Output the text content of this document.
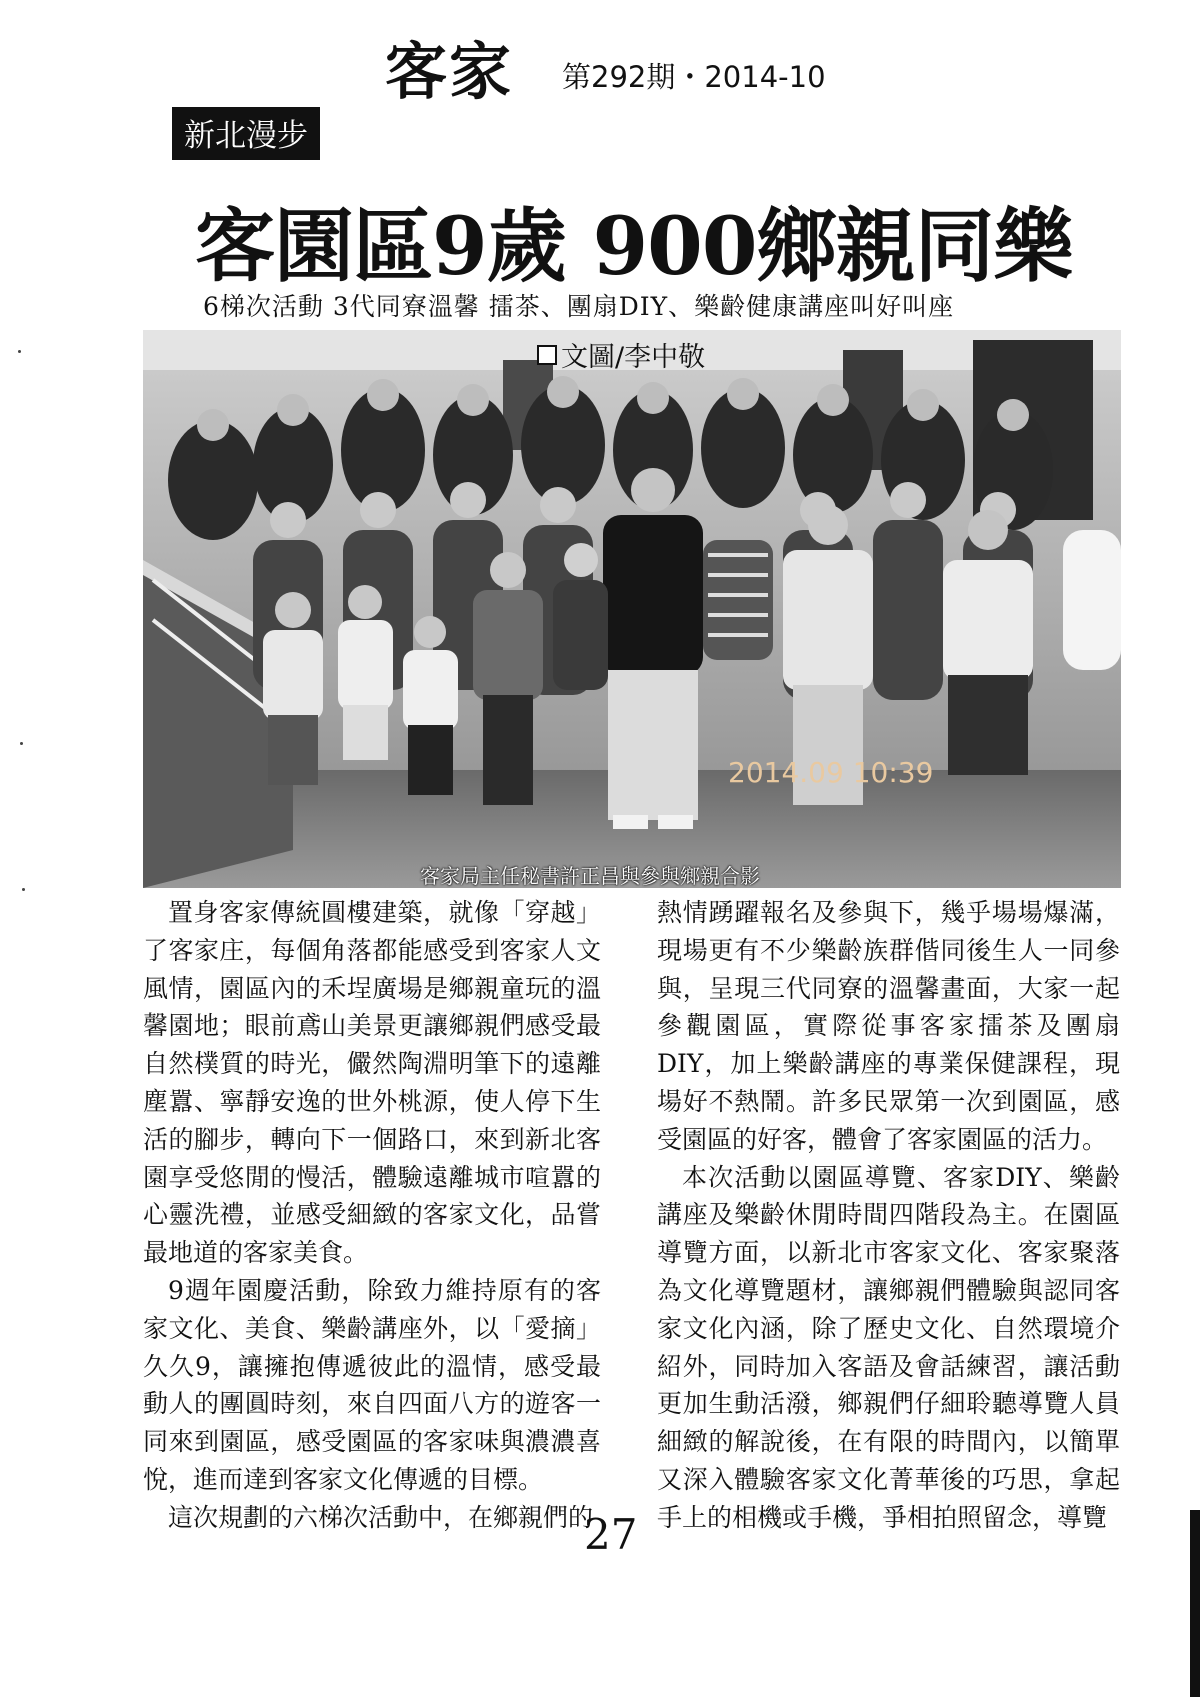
客家 第292期・2014-10
新北漫步
客園區9歲 900鄉親同樂
6梯次活動 3代同寮溫馨 擂茶、團扇DIY、樂齡健康講座叫好叫座
2014.09 10:39
文圖/李中敬
客家局主任秘書許正昌與參與鄉親合影

置身客家傳統圓樓建築，就像「穿越」了客家庄，每個角落都能感受到客家人文風情，園區內的禾埕廣場是鄉親童玩的溫馨園地；眼前鳶山美景更讓鄉親們感受最自然樸質的時光，儼然陶淵明筆下的遠離塵囂、寧靜安逸的世外桃源，使人停下生活的腳步，轉向下一個路口，來到新北客園享受悠閒的慢活，體驗遠離城市喧囂的心靈洗禮，並感受細緻的客家文化，品嘗最地道的客家美食。

9週年園慶活動，除致力維持原有的客家文化、美食、樂齡講座外，以「愛摘」久久9，讓擁抱傳遞彼此的溫情，感受最動人的團圓時刻，來自四面八方的遊客一同來到園區，感受園區的客家味與濃濃喜悅，進而達到客家文化傳遞的目標。

這次規劃的六梯次活動中，在鄉親們的

熱情踴躍報名及參與下，幾乎場場爆滿，現場更有不少樂齡族群偕同後生人一同參與，呈現三代同寮的溫馨畫面，大家一起參觀園區，實際從事客家擂茶及團扇DIY，加上樂齡講座的專業保健課程，現場好不熱鬧。許多民眾第一次到園區，感受園區的好客，體會了客家園區的活力。

本次活動以園區導覽、客家DIY、樂齡講座及樂齡休閒時間四階段為主。在園區導覽方面，以新北市客家文化、客家聚落為文化導覽題材，讓鄉親們體驗與認同客家文化內涵，除了歷史文化、自然環境介紹外，同時加入客語及會話練習，讓活動更加生動活潑，鄉親們仔細聆聽導覽人員細緻的解說後，在有限的時間內，以簡單又深入體驗客家文化菁華後的巧思，拿起手上的相機或手機，爭相拍照留念，導覽

27
